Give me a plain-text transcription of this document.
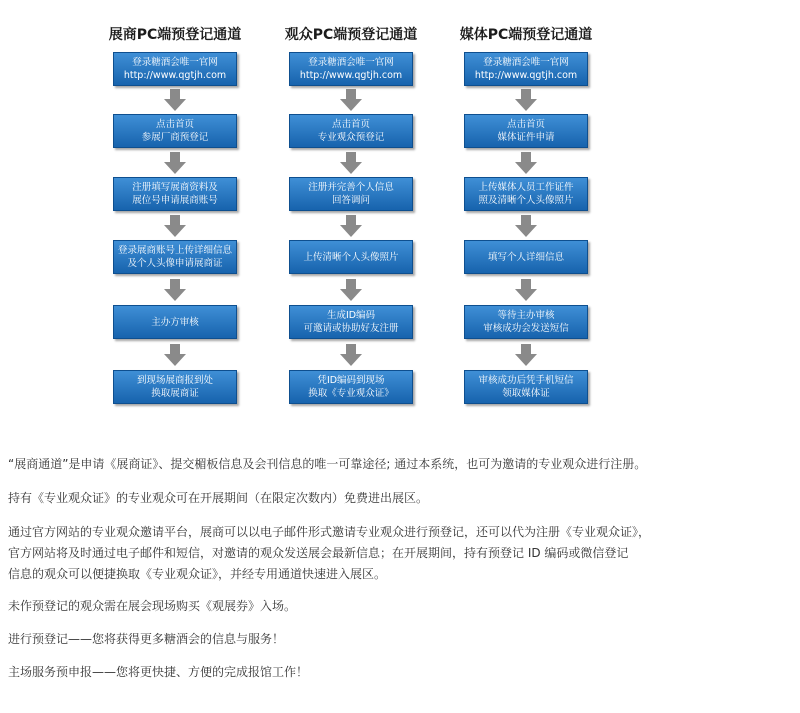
展商PC端预登记通道
登录糖酒会唯一官网
http://www.qgtjh.com
点击首页
参展厂商预登记
注册填写展商资料及
展位号申请展商账号
登录展商账号上传详细信息
及个人头像申请展商证
主办方审核
到现场展商报到处
换取展商证
观众PC端预登记通道
登录糖酒会唯一官网
http://www.qgtjh.com
点击首页
专业观众预登记
注册并完善个人信息
回答调问
上传清晰个人头像照片
生成ID编码
可邀请或协助好友注册
凭ID编码到现场
换取《专业观众证》
媒体PC端预登记通道
登录糖酒会唯一官网
http://www.qgtjh.com
点击首页
媒体证件申请
上传媒体人员工作证件
照及清晰个人头像照片
填写个人详细信息
等待主办审核
审核成功会发送短信
审核成功后凭手机短信
领取媒体证

“展商通道”是申请《展商证》、提交楣板信息及会刊信息的唯一可靠途径; 通过本系统，也可为邀请的专业观众进行注册。

持有《专业观众证》的专业观众可在开展期间（在限定次数内）免费进出展区。

通过官方网站的专业观众邀请平台，展商可以以电子邮件形式邀请专业观众进行预登记，还可以代为注册《专业观众证》，
官方网站将及时通过电子邮件和短信，对邀请的观众发送展会最新信息；在开展期间，持有预登记 ID 编码或微信登记
信息的观众可以便捷换取《专业观众证》，并经专用通道快速进入展区。

未作预登记的观众需在展会现场购买《观展券》入场。

进行预登记——您将获得更多糖酒会的信息与服务！

主场服务预申报——您将更快捷、方便的完成报馆工作！
